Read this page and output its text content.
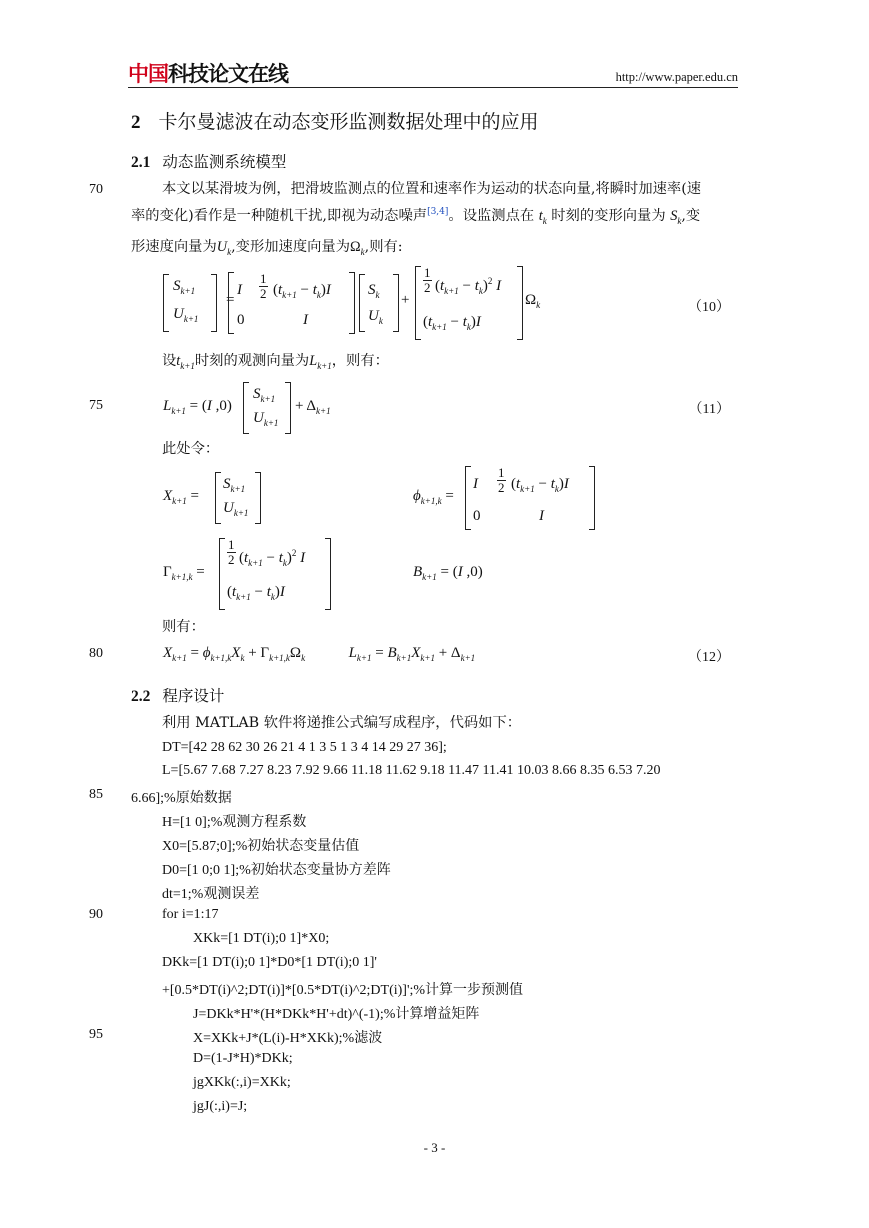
中国 科技论文在线	http://www.paper.edu.cn
2 卡尔曼滤波在动态变形监测数据处理中的应用
2.1 动态监测系统模型
70
75
80
85
90
95
本文以某滑坡为例，把滑坡监测点的位置和速率作为运动的状态向量,将瞬时加速率(速
率的变化)看作是一种随机干扰,即视为动态噪声[3,4]。设监测点在 $t_k$ 时刻的变形向量为 $S_k$,变
形速度向量为$U_k$,变形加速度向量为$\Omega_k$,则有:
$S_{k+1}$
$U_{k+1}$
=
I $\frac{1}{2} (t_{k+1} - t_k)I$
0	I
$S_k$
$U_k$
+
$\frac{1}{2} (t_{k+1} - t_k)^2$ I
$(t_{k+1} - t_k)I$
$\Omega_k$	（10）
设$t_{k+1}$时刻的观测向量为$L_{k+1}$，则有：
$L_{k+1} = (I$ ,0)
$S_{k+1}$
$U_{k+1}$
+ $\Delta_{k+1}$	（11）
此处令：
$X_{k+1}$ =
$S_{k+1}$
$U_{k+1}$
$\phi_{k+1,k}$ =
I $\frac{1}{2} (t_{k+1} - t_k)I$
0	I
$\Gamma_{k+1,k}$ =
$\frac{1}{2} (t_{k+1} - t_k)^2$ I
$(t_{k+1} - t_k)I$
$B_{k+1} = (I$ ,0)
则有：
$X_{k+1} = \phi_{k+1,k}X_k + \Gamma_{k+1,k}\Omega_k$	$L_{k+1} = B_{k+1}X_{k+1} + \Delta_{k+1}$	（12）
2.2 程序设计
利用 MATLAB 软件将递推公式编写成程序，代码如下：
DT=[42 28 62 30 26 21 4 1 3 5 1 3 4 14 29 27 36];
L=[5.67 7.68 7.27 8.23 7.92 9.66 11.18 11.62 9.18 11.47 11.41 10.03 8.66 8.35 6.53 7.20
6.66];%原始数据
H=[1 0];%观测方程系数
X0=[5.87;0];%初始状态变量估值
D0=[1 0;0 1];%初始状态变量协方差阵
dt=1;%观测误差
for i=1:17
XKk=[1 DT(i);0 1]*X0;
DKk=[1 DT(i);0 1]*D0*[1 DT(i);0 1]'
+[0.5*DT(i)^2;DT(i)]*[0.5*DT(i)^2;DT(i)]';%计算一步预测值
J=DKk*H'*(H*DKk*H'+dt)^(-1);%计算增益矩阵
X=XKk+J*(L(i)-H*XKk);%滤波
D=(1-J*H)*DKk;
jgXKk(:,i)=XKk;
jgJ(:,i)=J;
- 3 -
